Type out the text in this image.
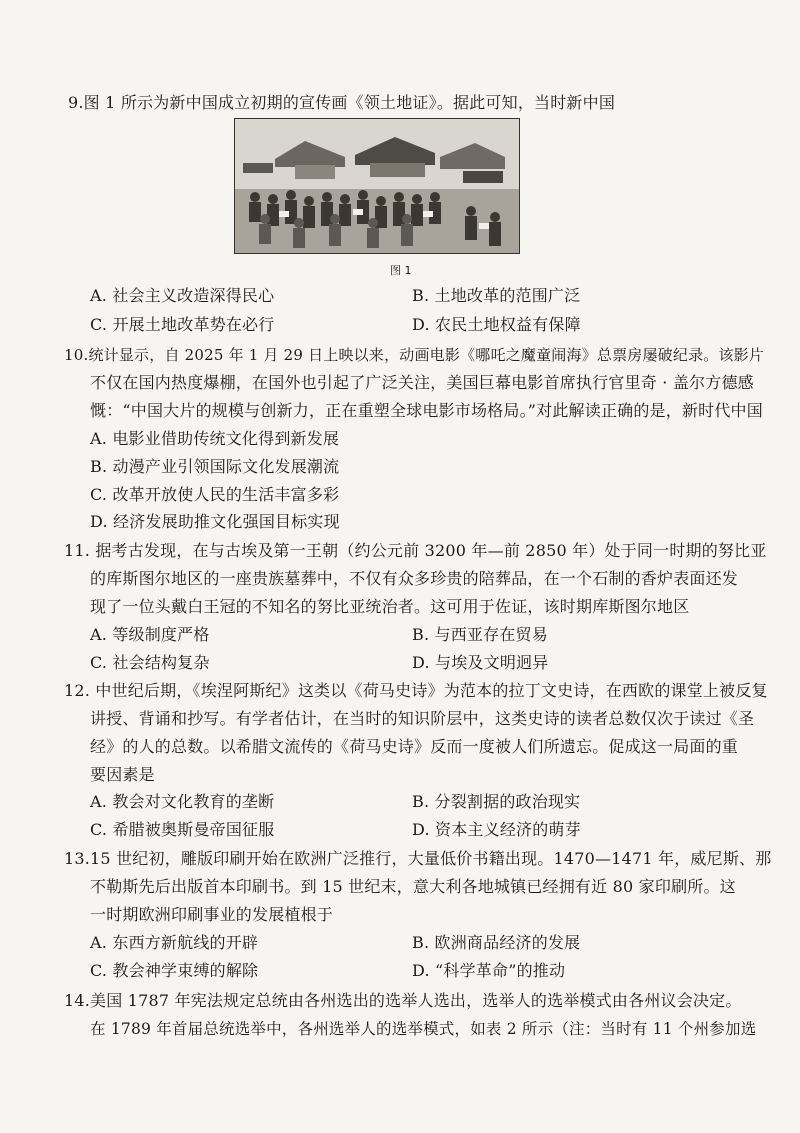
9.图 1 所示为新中国成立初期的宣传画《领土地证》。据此可知，当时新中国
图 1
A. 社会主义改造深得民心	B. 土地改革的范围广泛
C. 开展土地改革势在必行	D. 农民土地权益有保障
10.统计显示，自 2025 年 1 月 29 日上映以来，动画电影《哪吒之魔童闹海》总票房屡破纪录。该影片
不仅在国内热度爆棚，在国外也引起了广泛关注，美国巨幕电影首席执行官里奇 · 盖尔方德感
慨：“中国大片的规模与创新力，正在重塑全球电影市场格局。”对此解读正确的是，新时代中国
A. 电影业借助传统文化得到新发展
B. 动漫产业引领国际文化发展潮流
C. 改革开放使人民的生活丰富多彩
D. 经济发展助推文化强国目标实现
11. 据考古发现，在与古埃及第一王朝（约公元前 3200 年—前 2850 年）处于同一时期的努比亚
的库斯图尔地区的一座贵族墓葬中，不仅有众多珍贵的陪葬品，在一个石制的香炉表面还发
现了一位头戴白王冠的不知名的努比亚统治者。这可用于佐证，该时期库斯图尔地区
A. 等级制度严格	B. 与西亚存在贸易
C. 社会结构复杂	D. 与埃及文明迥异
12. 中世纪后期，《埃涅阿斯纪》这类以《荷马史诗》为范本的拉丁文史诗，在西欧的课堂上被反复
讲授、背诵和抄写。有学者估计，在当时的知识阶层中，这类史诗的读者总数仅次于读过《圣
经》的人的总数。以希腊文流传的《荷马史诗》反而一度被人们所遗忘。促成这一局面的重
要因素是
A. 教会对文化教育的垄断	B. 分裂割据的政治现实
C. 希腊被奥斯曼帝国征服	D. 资本主义经济的萌芽
13.15 世纪初，雕版印刷开始在欧洲广泛推行，大量低价书籍出现。1470—1471 年，威尼斯、那
不勒斯先后出版首本印刷书。到 15 世纪末，意大利各地城镇已经拥有近 80 家印刷所。这
一时期欧洲印刷事业的发展植根于
A. 东西方新航线的开辟	B. 欧洲商品经济的发展
C. 教会神学束缚的解除	D. “科学革命”的推动
14.美国 1787 年宪法规定总统由各州选出的选举人选出，选举人的选举模式由各州议会决定。
在 1789 年首届总统选举中，各州选举人的选举模式，如表 2 所示（注：当时有 11 个州参加选
